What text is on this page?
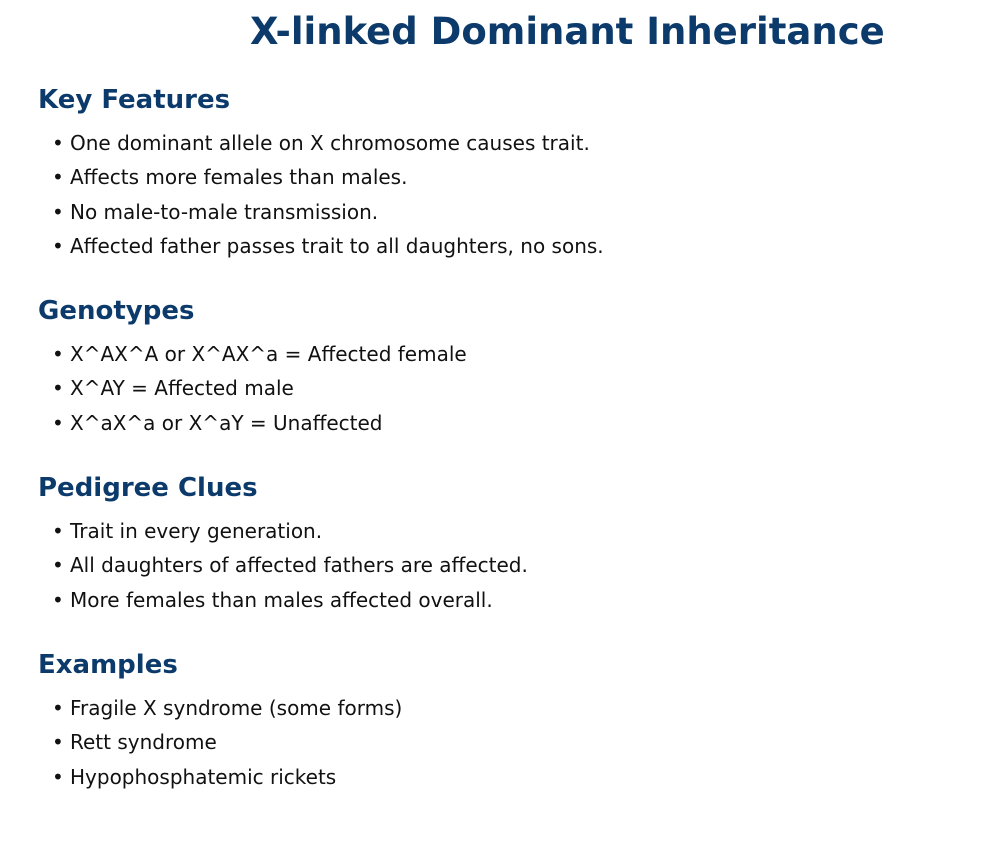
X-linked Dominant Inheritance
Key Features
• One dominant allele on X chromosome causes trait.
• Affects more females than males.
• No male-to-male transmission.
• Affected father passes trait to all daughters, no sons.
Genotypes
• X^AX^A or X^AX^a = Affected female
• X^AY = Affected male
• X^aX^a or X^aY = Unaffected
Pedigree Clues
• Trait in every generation.
• All daughters of affected fathers are affected.
• More females than males affected overall.
Examples
• Fragile X syndrome (some forms)
• Rett syndrome
• Hypophosphatemic rickets
